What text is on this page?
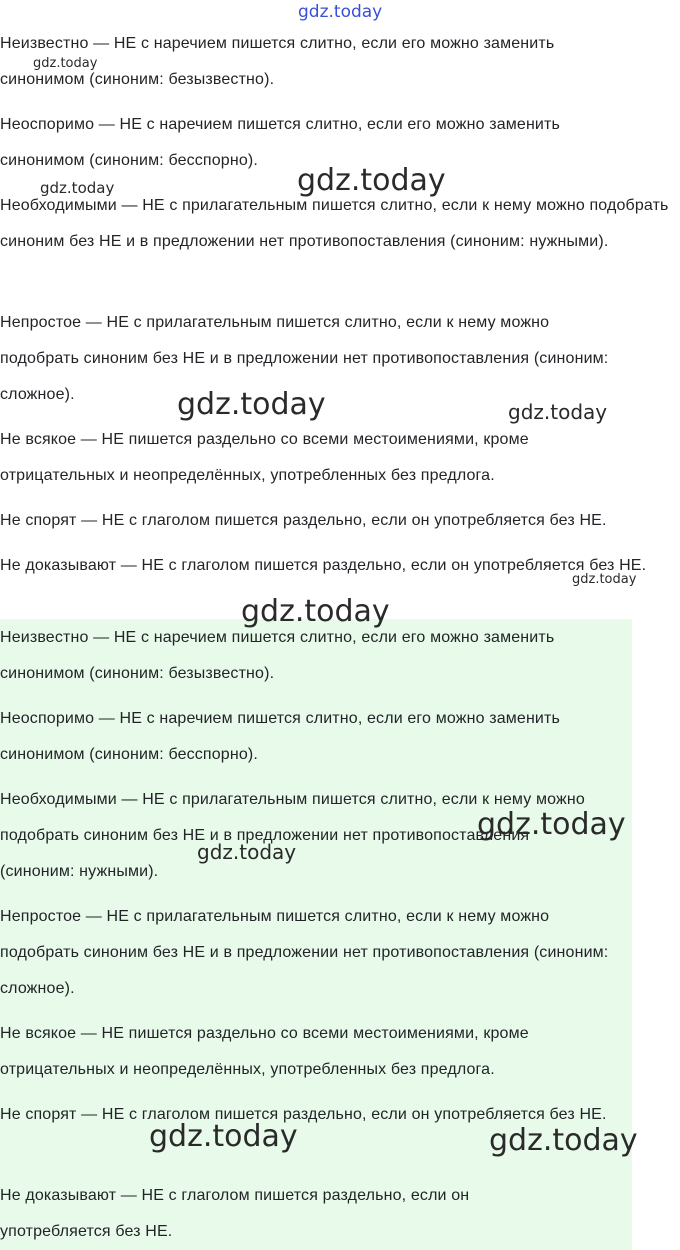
Неизвестно — НЕ с наречием пишется слитно, если его можно заменить синонимом (синоним: безызвестно).

Неоспоримо — НЕ с наречием пишется слитно, если его можно заменить синонимом (синоним: бесспорно).

Необходимыми — НЕ с прилагательным пишется слитно, если к нему можно подобрать синоним без НЕ и в предложении нет противопоставления (синоним: нужными).

Непростое — НЕ с прилагательным пишется слитно, если к нему можно подобрать синоним без НЕ и в предложении нет противопоставления (синоним: сложное).

Не всякое — НЕ пишется раздельно со всеми местоимениями, кроме отрицательных и неопределённых, употребленных без предлога.

Не спорят — НЕ с глаголом пишется раздельно, если он употребляется без НЕ.

Не доказывают — НЕ с глаголом пишется раздельно, если он употребляется без НЕ.

Неизвестно — НЕ с наречием пишется слитно, если его можно заменить синонимом (синоним: безызвестно).

Неоспоримо — НЕ с наречием пишется слитно, если его можно заменить синонимом (синоним: бесспорно).

Необходимыми — НЕ с прилагательным пишется слитно, если к нему можно подобрать синоним без НЕ и в предложении нет противопоставления (синоним: нужными).

Непростое — НЕ с прилагательным пишется слитно, если к нему можно подобрать синоним без НЕ и в предложении нет противопоставления (синоним: сложное).

Не всякое — НЕ пишется раздельно со всеми местоимениями, кроме отрицательных и неопределённых, употребленных без предлога.

Не спорят — НЕ с глаголом пишется раздельно, если он употребляется без НЕ.

Не доказывают — НЕ с глаголом пишется раздельно, если он употребляется без НЕ.

gdz.today
gdz.today
gdz.today	gdz.today
gdz.today	gdz.today
gdz.today
gdz.today
gdz.today
gdz.today
gdz.today	gdz.today
